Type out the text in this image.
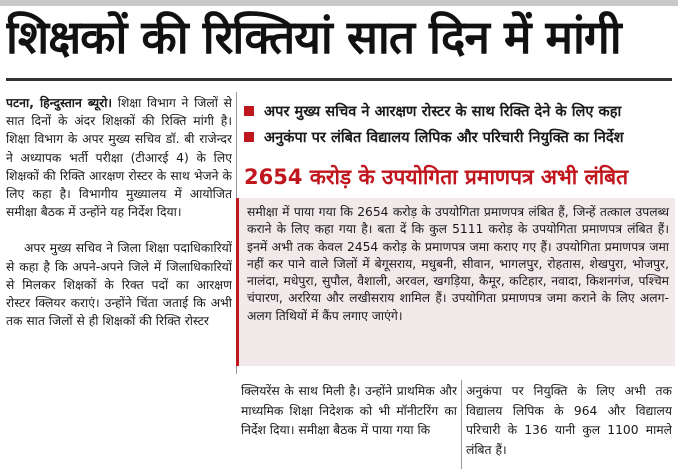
शिक्षकों की रिक्तियां सात दिन में मांगी

पटना, हिन्दुस्तान ब्यूरो। शिक्षा विभाग ने जिलों से सात दिनों के अंदर शिक्षकों की रिक्ति मांगी है। शिक्षा विभाग के अपर मुख्य सचिव डॉ. बी राजेन्दर ने अध्यापक भर्ती परीक्षा (टीआरई 4) के लिए शिक्षकों की रिक्ति आरक्षण रोस्टर के साथ भेजने के लिए कहा है। विभागीय मुख्यालय में आयोजित समीक्षा बैठक में उन्होंने यह निर्देश दिया।

अपर मुख्य सचिव ने जिला शिक्षा पदाधिकारियों से कहा है कि अपने-अपने जिले में जिलाधिकारियों से मिलकर शिक्षकों के रिक्त पदों का आरक्षण रोस्टर क्लियर कराएं। उन्होंने चिंता जताई कि अभी तक सात जिलों से ही शिक्षकों की रिक्ति रोस्टर

अपर मुख्य सचिव ने आरक्षण रोस्टर के साथ रिक्ति देने के लिए कहा
अनुकंपा पर लंबित विद्यालय लिपिक और परिचारी नियुक्ति का निर्देश
2654 करोड़ के उपयोगिता प्रमाणपत्र अभी लंबित
समीक्षा में पाया गया कि 2654 करोड़ के उपयोगिता प्रमाणपत्र लंबित हैं, जिन्हें तत्काल उपलब्ध कराने के लिए कहा गया है। बता दें कि कुल 5111 करोड़ के उपयोगिता प्रमाणपत्र लंबित हैं। इनमें अभी तक केवल 2454 करोड़ के प्रमाणपत्र जमा कराए गए हैं। उपयोगिता प्रमाणपत्र जमा नहीं कर पाने वाले जिलों में बेगूसराय, मधुबनी, सीवान, भागलपुर, रोहतास, शेखपुरा, भोजपुर, नालंदा, मधेपुरा, सुपौल, वैशाली, अरवल, खगड़िया, कैमूर, कटिहार, नवादा, किशनगंज, पश्चिम चंपारण, अररिया और लखीसराय शामिल हैं। उपयोगिता प्रमाणपत्र जमा कराने के लिए अलग-अलग तिथियों में कैंप लगाए जाएंगे।
क्लियरेंस के साथ मिली है। उन्होंने प्राथमिक और माध्यमिक शिक्षा निदेशक को भी मॉनीटरिंग का निर्देश दिया। समीक्षा बैठक में पाया गया कि
अनुकंपा पर नियुक्ति के लिए अभी तक विद्यालय लिपिक के 964 और विद्यालय परिचारी के 136 यानी कुल 1100 मामले लंबित हैं।
